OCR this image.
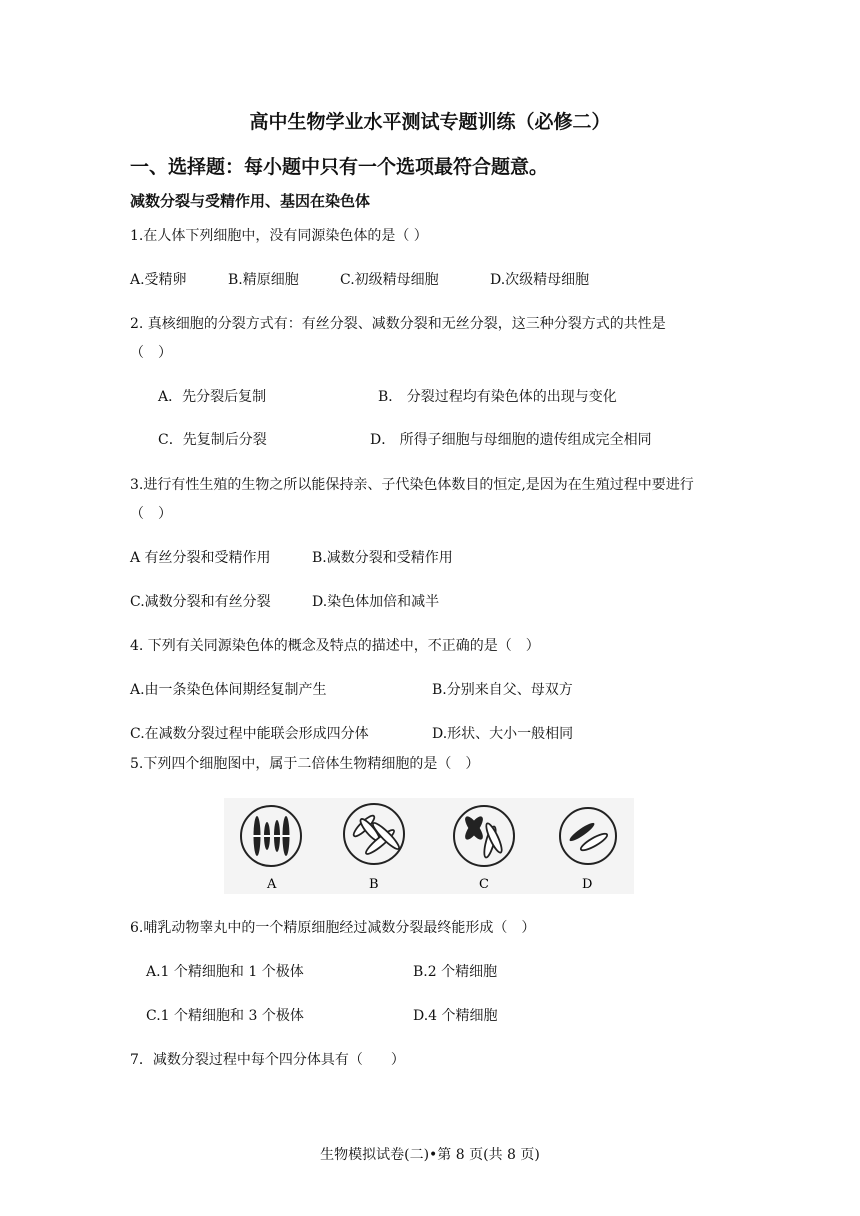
高中生物学业水平测试专题训练（必修二）
一、选择题：每小题中只有一个选项最符合题意。
减数分裂与受精作用、基因在染色体
1.在人体下列细胞中，没有同源染色体的是（ ）
A.受精卵	B.精原细胞	C.初级精母细胞	D.次级精母细胞
2. 真核细胞的分裂方式有：有丝分裂、减数分裂和无丝分裂，这三种分裂方式的共性是
（　）
A．先分裂后复制	B． 分裂过程均有染色体的出现与变化
C．先复制后分裂	D． 所得子细胞与母细胞的遗传组成完全相同
3.进行有性生殖的生物之所以能保持亲、子代染色体数目的恒定,是因为在生殖过程中要进行
（　）
A 有丝分裂和受精作用	B.减数分裂和受精作用
C.减数分裂和有丝分裂	D.染色体加倍和减半
4. 下列有关同源染色体的概念及特点的描述中，不正确的是（　）
A.由一条染色体间期经复制产生	B.分别来自父、母双方
C.在减数分裂过程中能联会形成四分体	D.形状、大小一般相同
5.下列四个细胞图中，属于二倍体生物精细胞的是（　）
A	B	C	D
6.哺乳动物睾丸中的一个精原细胞经过减数分裂最终能形成（　）
A.1 个精细胞和 1 个极体	B.2 个精细胞
C.1 个精细胞和 3 个极体	D.4 个精细胞
7．减数分裂过程中每个四分体具有（　　）
生物模拟试卷(二)•第 8 页(共 8 页)
